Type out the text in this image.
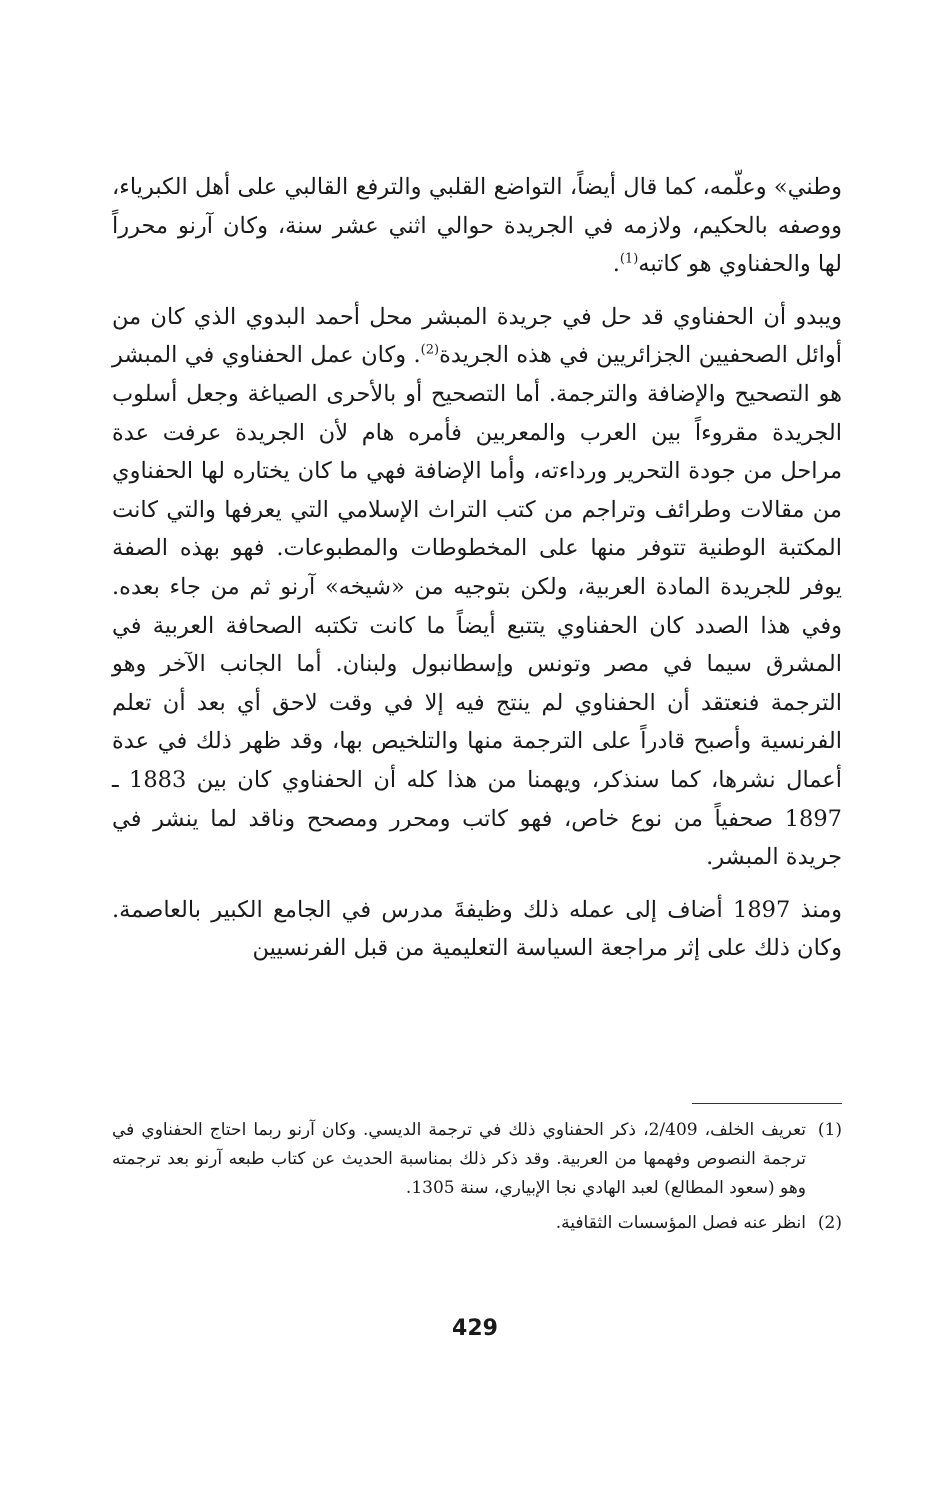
وطني» وعلّمه، كما قال أيضاً، التواضع القلبي والترفع القالبي على أهل الكبرياء، ووصفه بالحكيم، ولازمه في الجريدة حوالي اثني عشر سنة، وكان آرنو محرراً لها والحفناوي هو كاتبه$^{(1)}$.

ويبدو أن الحفناوي قد حل في جريدة المبشر محل أحمد البدوي الذي كان من أوائل الصحفيين الجزائريين في هذه الجريدة$^{(2)}$. وكان عمل الحفناوي في المبشر هو التصحيح والإضافة والترجمة. أما التصحيح أو بالأحرى الصياغة وجعل أسلوب الجريدة مقروءاً بين العرب والمعربين فأمره هام لأن الجريدة عرفت عدة مراحل من جودة التحرير ورداءته، وأما الإضافة فهي ما كان يختاره لها الحفناوي من مقالات وطرائف وتراجم من كتب التراث الإسلامي التي يعرفها والتي كانت المكتبة الوطنية تتوفر منها على المخطوطات والمطبوعات. فهو بهذه الصفة يوفر للجريدة المادة العربية، ولكن بتوجيه من «شيخه» آرنو ثم من جاء بعده. وفي هذا الصدد كان الحفناوي يتتبع أيضاً ما كانت تكتبه الصحافة العربية في المشرق سيما في مصر وتونس وإسطانبول ولبنان. أما الجانب الآخر وهو الترجمة فنعتقد أن الحفناوي لم ينتج فيه إلا في وقت لاحق أي بعد أن تعلم الفرنسية وأصبح قادراً على الترجمة منها والتلخيص بها، وقد ظهر ذلك في عدة أعمال نشرها، كما سنذكر، ويهمنا من هذا كله أن الحفناوي كان بين 1883 ـ 1897 صحفياً من نوع خاص، فهو كاتب ومحرر ومصحح وناقد لما ينشر في جريدة المبشر.

ومنذ 1897 أضاف إلى عمله ذلك وظيفةَ مدرس في الجامع الكبير بالعاصمة. وكان ذلك على إثر مراجعة السياسة التعليمية من قبل الفرنسيين

(1)

تعريف الخلف، 2/409، ذكر الحفناوي ذلك في ترجمة الديسي. وكان آرنو ربما احتاج الحفناوي في ترجمة النصوص وفهمها من العربية. وقد ذكر ذلك بمناسبة الحديث عن كتاب طبعه آرنو بعد ترجمته وهو (سعود المطالع) لعبد الهادي نجا الإبياري، سنة 1305.

(2)

انظر عنه فصل المؤسسات الثقافية.

429
